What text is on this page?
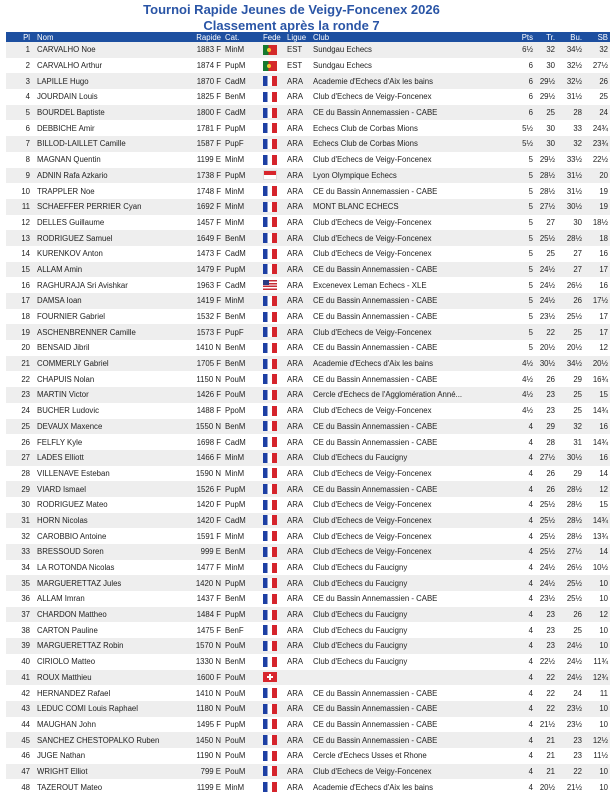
Tournoi Rapide Jeunes de Veigy-Foncenex 2026
Classement après la ronde 7
Pl	Nom	Rapide	Cat.	Fede	Ligue	Club	Pts	Tr.	Bu.	SB
1	CARVALHO Noe	1883 F	MinM		EST	Sundgau Echecs	6½	32	34½	32
2	CARVALHO Arthur	1874 F	PupM		EST	Sundgau Echecs	6	30	32½	27½
3	LAPILLE Hugo	1870 F	CadM		ARA	Academie d'Echecs d'Aix les bains	6	29½	32½	26
4	JOURDAIN Louis	1825 F	BenM		ARA	Club d'Echecs de Veigy-Foncenex	6	29½	31½	25
5	BOURDEL Baptiste	1800 F	CadM		ARA	CE du Bassin Annemassien - CABE	6	25	28	24
6	DEBBICHE Amir	1781 F	PupM		ARA	Echecs Club de Corbas Mions	5½	30	33	24¾
7	BILLOD-LAILLET Camille	1587 F	PupF		ARA	Echecs Club de Corbas Mions	5½	30	32	23¾
8	MAGNAN Quentin	1199 E	MinM		ARA	Club d'Echecs de Veigy-Foncenex	5	29½	33½	22½
9	ADNIN Rafa Azkario	1738 F	PupM		ARA	Lyon Olympique Echecs	5	28½	31½	20
10	TRAPPLER Noe	1748 F	MinM		ARA	CE du Bassin Annemassien - CABE	5	28½	31½	19
11	SCHAEFFER PERRIER Cyan	1692 F	MinM		ARA	MONT BLANC ECHECS	5	27½	30½	19
12	DELLES Guillaume	1457 F	MinM		ARA	Club d'Echecs de Veigy-Foncenex	5	27	30	18½
13	RODRIGUEZ Samuel	1649 F	BenM		ARA	Club d'Echecs de Veigy-Foncenex	5	25½	28½	18
14	KURENKOV Anton	1473 F	CadM		ARA	Club d'Echecs de Veigy-Foncenex	5	25	27	16
15	ALLAM Amin	1479 F	PupM		ARA	CE du Bassin Annemassien - CABE	5	24½	27	17
16	RAGHURAJA Sri Avishkar	1963 F	CadM		ARA	Excenevex Leman Echecs - XLE	5	24½	26½	16
17	DAMSA Ioan	1419 F	MinM		ARA	CE du Bassin Annemassien - CABE	5	24½	26	17½
18	FOURNIER Gabriel	1532 F	BenM		ARA	CE du Bassin Annemassien - CABE	5	23½	25½	17
19	ASCHENBRENNER Camille	1573 F	PupF		ARA	Club d'Echecs de Veigy-Foncenex	5	22	25	17
20	BENSAID Jibril	1410 N	BenM		ARA	CE du Bassin Annemassien - CABE	5	20½	20½	12
21	COMMERLY Gabriel	1705 F	BenM		ARA	Academie d'Echecs d'Aix les bains	4½	30½	34½	20½
22	CHAPUIS Nolan	1150 N	PouM		ARA	CE du Bassin Annemassien - CABE	4½	26	29	16¾
23	MARTIN Victor	1426 F	PouM		ARA	Cercle d'Echecs de l'Agglomération Anné...	4½	23	25	15
24	BUCHER Ludovic	1488 F	PpoM		ARA	Club d'Echecs de Veigy-Foncenex	4½	23	25	14¾
25	DEVAUX Maxence	1550 N	BenM		ARA	CE du Bassin Annemassien - CABE	4	29	32	16
26	FELFLY Kyle	1698 F	CadM		ARA	CE du Bassin Annemassien - CABE	4	28	31	14¾
27	LADES Elliott	1466 F	MinM		ARA	Club d'Echecs du Faucigny	4	27½	30½	16
28	VILLENAVE Esteban	1590 N	MinM		ARA	Club d'Echecs de Veigy-Foncenex	4	26	29	14
29	VIARD Ismael	1526 F	PupM		ARA	CE du Bassin Annemassien - CABE	4	26	28½	12
30	RODRIGUEZ Mateo	1420 F	PupM		ARA	Club d'Echecs de Veigy-Foncenex	4	25½	28½	15
31	HORN Nicolas	1420 F	CadM		ARA	Club d'Echecs de Veigy-Foncenex	4	25½	28½	14¾
32	CAROBBIO Antoine	1591 F	MinM		ARA	Club d'Echecs de Veigy-Foncenex	4	25½	28½	13¾
33	BRESSOUD Soren	999 E	BenM		ARA	Club d'Echecs de Veigy-Foncenex	4	25½	27½	14
34	LA ROTONDA Nicolas	1477 F	MinM		ARA	Club d'Echecs du Faucigny	4	24½	26½	10½
35	MARGUERETTAZ Jules	1420 N	PupM		ARA	Club d'Echecs du Faucigny	4	24½	25½	10
36	ALLAM Imran	1437 F	BenM		ARA	CE du Bassin Annemassien - CABE	4	23½	25½	10
37	CHARDON Mattheo	1484 F	PupM		ARA	Club d'Echecs du Faucigny	4	23	26	12
38	CARTON Pauline	1475 F	BenF		ARA	Club d'Echecs du Faucigny	4	23	25	10
39	MARGUERETTAZ Robin	1570 N	PouM		ARA	Club d'Echecs du Faucigny	4	23	24½	10
40	CIRIOLO Matteo	1330 N	BenM		ARA	Club d'Echecs du Faucigny	4	22½	24½	11¾
41	ROUX Matthieu	1600 F	PouM				4	22	24½	12¾
42	HERNANDEZ Rafael	1410 N	PouM		ARA	CE du Bassin Annemassien - CABE	4	22	24	11
43	LEDUC COMI Louis Raphael	1180 N	PouM		ARA	CE du Bassin Annemassien - CABE	4	22	23½	10
44	MAUGHAN John	1495 F	PupM		ARA	CE du Bassin Annemassien - CABE	4	21½	23½	10
45	SANCHEZ CHESTOPALKO Ruben	1450 N	PouM		ARA	CE du Bassin Annemassien - CABE	4	21	23	12½
46	JUGE Nathan	1190 N	PouM		ARA	Cercle d'Echecs Usses et Rhone	4	21	23	11½
47	WRIGHT Elliot	799 E	PouM		ARA	Club d'Echecs de Veigy-Foncenex	4	21	22	10
48	TAZEROUT Mateo	1199 E	MinM		ARA	Academie d'Echecs d'Aix les bains	4	20½	21½	10
